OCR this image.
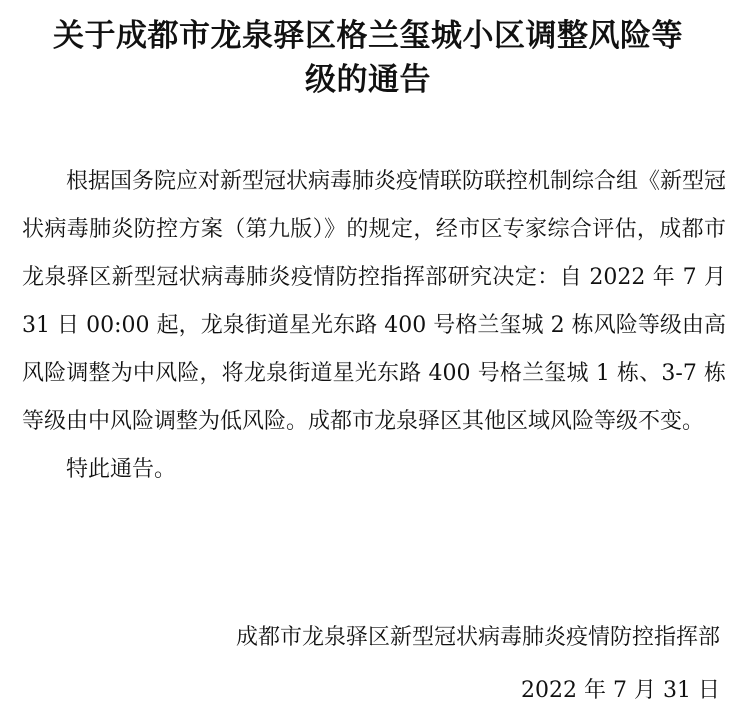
关于成都市龙泉驿区格兰玺城小区调整风险等
级的通告

根据国务院应对新型冠状病毒肺炎疫情联防联控机制综合组《新型冠状病毒肺炎防控方案（第九版）》的规定，经市区专家综合评估，成都市龙泉驿区新型冠状病毒肺炎疫情防控指挥部研究决定：自 2022 年 7 月 31 日 00:00 起，龙泉街道星光东路 400 号格兰玺城 2 栋风险等级由高风险调整为中风险，将龙泉街道星光东路 400 号格兰玺城 1 栋、3-7 栋等级由中风险调整为低风险。成都市龙泉驿区其他区域风险等级不变。

特此通告。

成都市龙泉驿区新型冠状病毒肺炎疫情防控指挥部
2022 年 7 月 31 日
